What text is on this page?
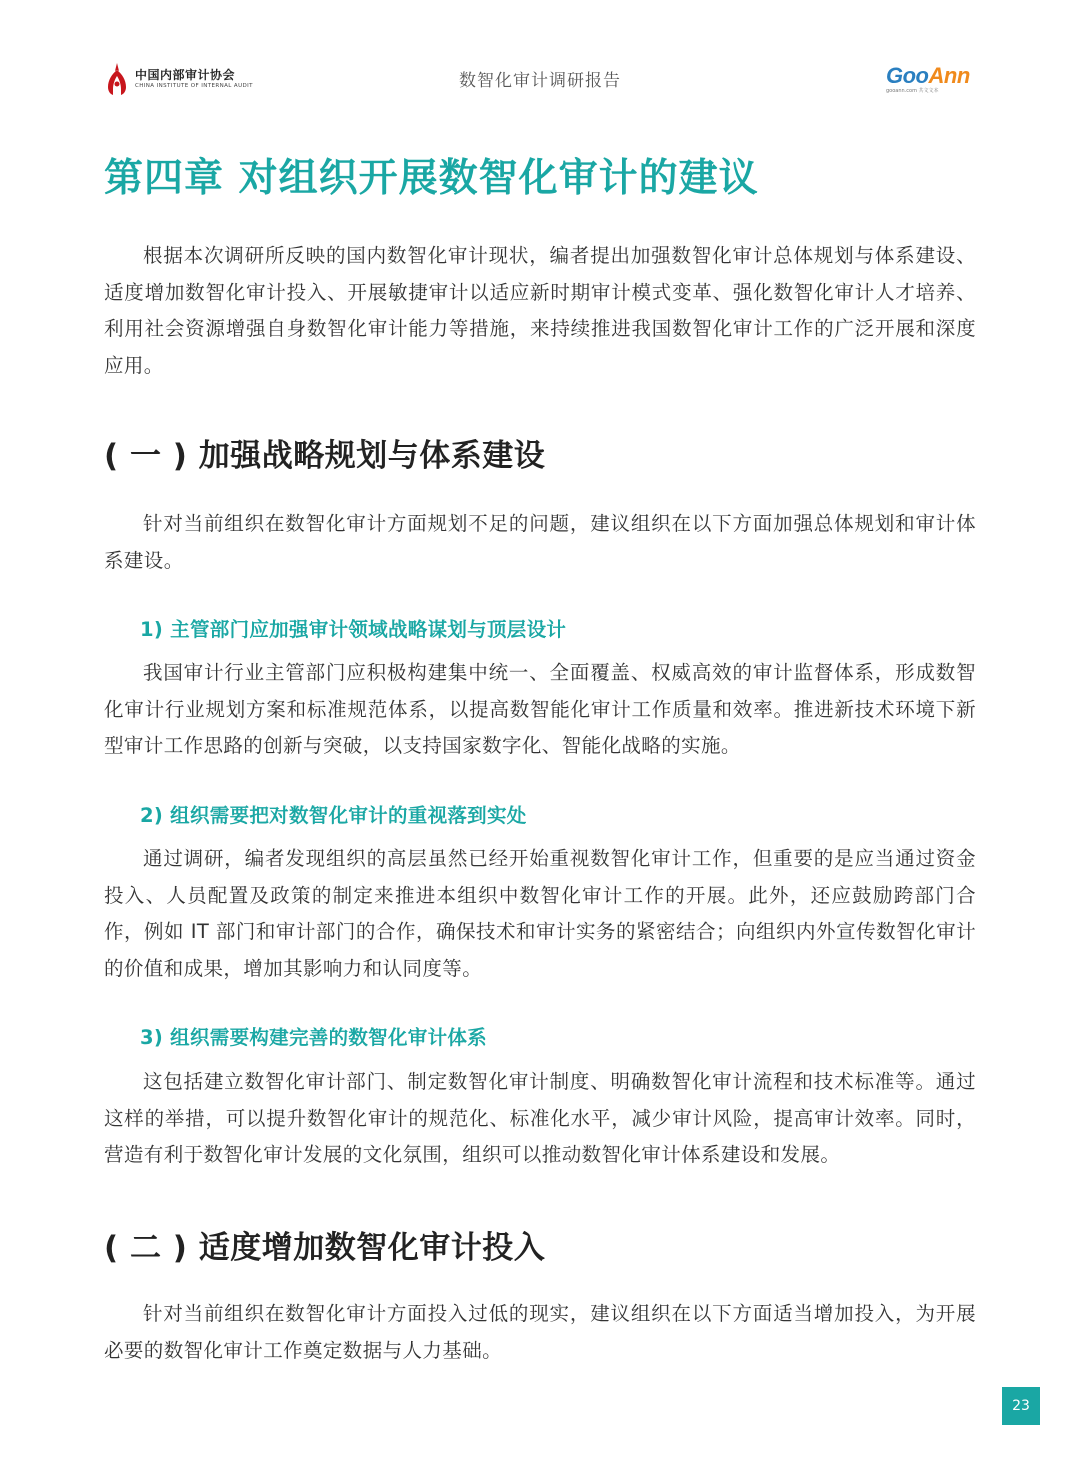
中国内部审计协会
CHINA INSTITUTE OF INTERNAL AUDIT	数智化审计调研报告	GooAnn
gooann.com 共文文本
第四章 对组织开展数智化审计的建议

根据本次调研所反映的国内数智化审计现状，编者提出加强数智化审计总体规划与体系建设、适度增加数智化审计投入、开展敏捷审计以适应新时期审计模式变革、强化数智化审计人才培养、利用社会资源增强自身数智化审计能力等措施，来持续推进我国数智化审计工作的广泛开展和深度应用。

( 一 ) 加强战略规划与体系建设

针对当前组织在数智化审计方面规划不足的问题，建议组织在以下方面加强总体规划和审计体系建设。

1) 主管部门应加强审计领域战略谋划与顶层设计

我国审计行业主管部门应积极构建集中统一、全面覆盖、权威高效的审计监督体系，形成数智化审计行业规划方案和标准规范体系，以提高数智能化审计工作质量和效率。推进新技术环境下新型审计工作思路的创新与突破，以支持国家数字化、智能化战略的实施。

2) 组织需要把对数智化审计的重视落到实处

通过调研，编者发现组织的高层虽然已经开始重视数智化审计工作，但重要的是应当通过资金投入、人员配置及政策的制定来推进本组织中数智化审计工作的开展。此外，还应鼓励跨部门合作，例如 IT 部门和审计部门的合作，确保技术和审计实务的紧密结合；向组织内外宣传数智化审计的价值和成果，增加其影响力和认同度等。

3) 组织需要构建完善的数智化审计体系

这包括建立数智化审计部门、制定数智化审计制度、明确数智化审计流程和技术标准等。通过这样的举措，可以提升数智化审计的规范化、标准化水平，减少审计风险，提高审计效率。同时，营造有利于数智化审计发展的文化氛围，组织可以推动数智化审计体系建设和发展。

( 二 ) 适度增加数智化审计投入

针对当前组织在数智化审计方面投入过低的现实，建议组织在以下方面适当增加投入，为开展必要的数智化审计工作奠定数据与人力基础。

23
